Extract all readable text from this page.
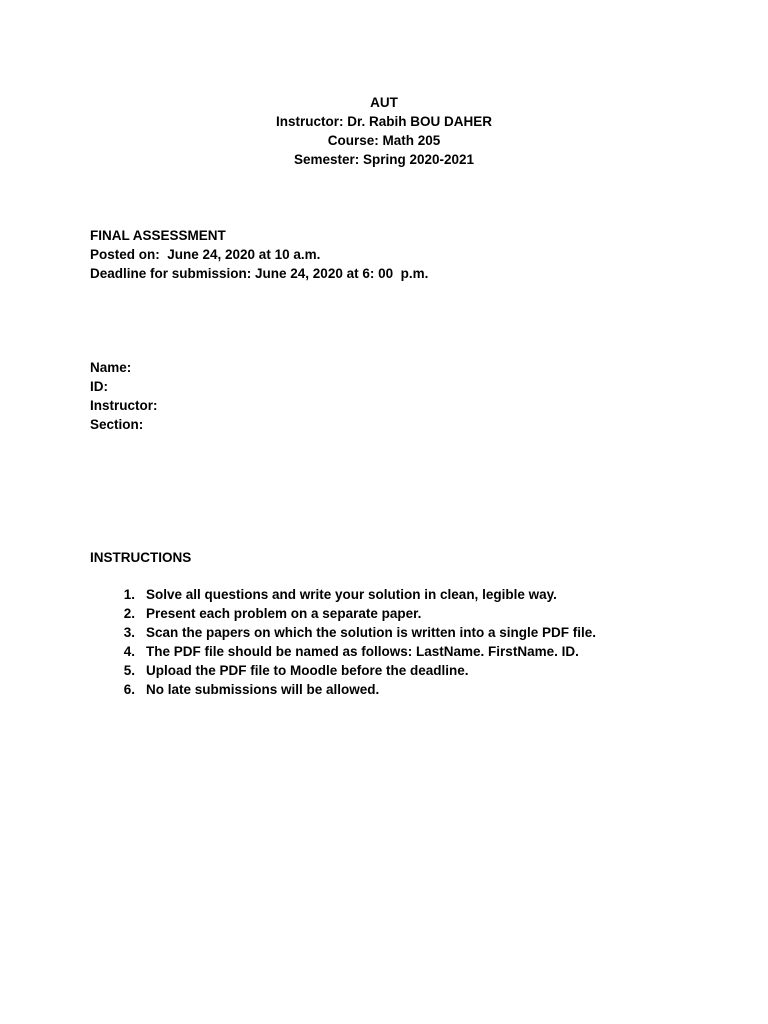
AUT
Instructor: Dr. Rabih BOU DAHER
Course: Math 205
Semester: Spring 2020-2021
FINAL ASSESSMENT
Posted on:  June 24, 2020 at 10 a.m.
Deadline for submission: June 24, 2020 at 6: 00  p.m.
Name:
ID:
Instructor:
Section:
INSTRUCTIONS
1. Solve all questions and write your solution in clean, legible way.
2. Present each problem on a separate paper.
3. Scan the papers on which the solution is written into a single PDF file.
4. The PDF file should be named as follows: LastName. FirstName. ID.
5. Upload the PDF file to Moodle before the deadline.
6. No late submissions will be allowed.
